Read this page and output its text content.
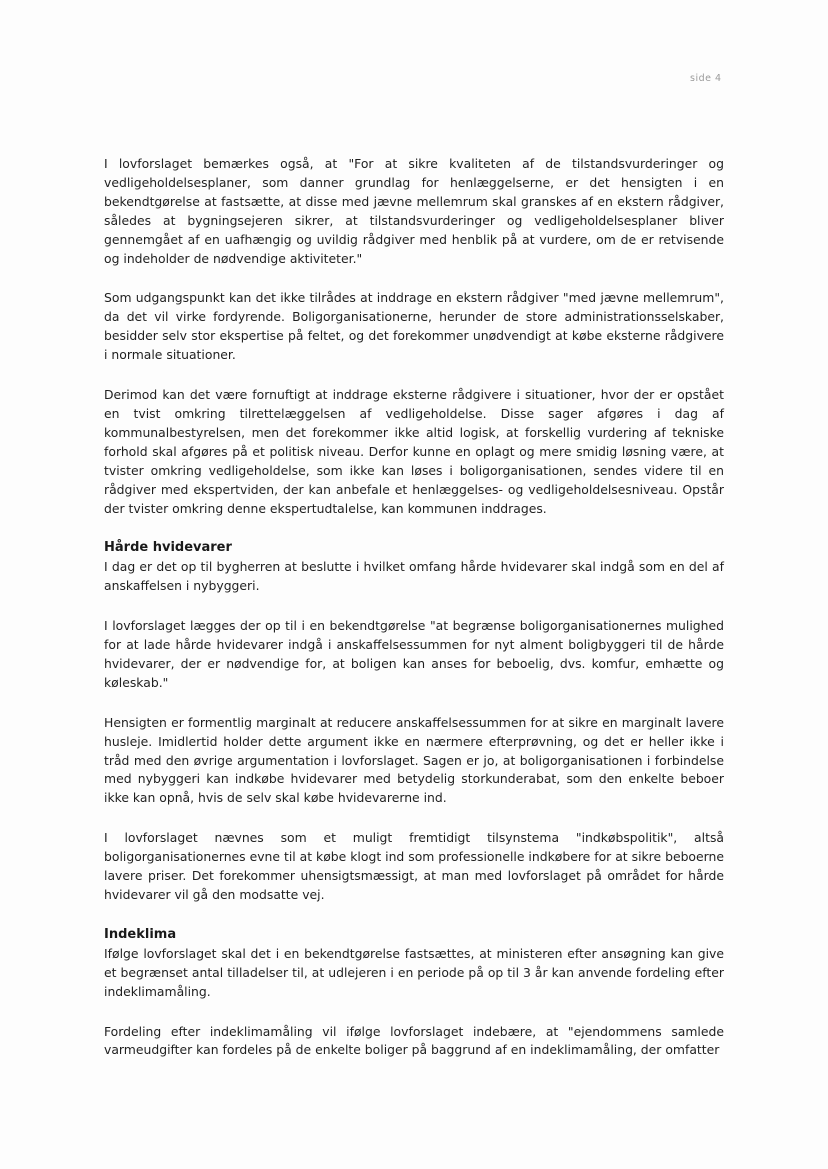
side 4

I lovforslaget bemærkes også, at "For at sikre kvaliteten af de tilstandsvurderinger og vedligeholdelsesplaner, som danner grundlag for henlæggelserne, er det hensigten i en bekendtgørelse at fastsætte, at disse med jævne mellemrum skal granskes af en ekstern rådgiver, således at bygningsejeren sikrer, at tilstandsvurderinger og vedligeholdelsesplaner bliver gennemgået af en uafhængig og uvildig rådgiver med henblik på at vurdere, om de er retvisende og indeholder de nødvendige aktiviteter."

Som udgangspunkt kan det ikke tilrådes at inddrage en ekstern rådgiver "med jævne mellemrum", da det vil virke fordyrende. Boligorganisationerne, herunder de store administrationsselskaber, besidder selv stor ekspertise på feltet, og det forekommer unødvendigt at købe eksterne rådgivere i normale situationer.

Derimod kan det være fornuftigt at inddrage eksterne rådgivere i situationer, hvor der er opstået en tvist omkring tilrettelæggelsen af vedligeholdelse. Disse sager afgøres i dag af kommunalbestyrelsen, men det forekommer ikke altid logisk, at forskellig vurdering af tekniske forhold skal afgøres på et politisk niveau. Derfor kunne en oplagt og mere smidig løsning være, at tvister omkring vedligeholdelse, som ikke kan løses i boligorganisationen, sendes videre til en rådgiver med ekspertviden, der kan anbefale et henlæggelses- og vedligeholdelsesniveau. Opstår der tvister omkring denne ekspertudtalelse, kan kommunen inddrages.

Hårde hvidevarer

I dag er det op til bygherren at beslutte i hvilket omfang hårde hvidevarer skal indgå som en del af anskaffelsen i nybyggeri.

I lovforslaget lægges der op til i en bekendtgørelse "at begrænse boligorganisationernes mulighed for at lade hårde hvidevarer indgå i anskaffelsessummen for nyt alment boligbyggeri til de hårde hvidevarer, der er nødvendige for, at boligen kan anses for beboelig, dvs. komfur, emhætte og køleskab."

Hensigten er formentlig marginalt at reducere anskaffelsessummen for at sikre en marginalt lavere husleje. Imidlertid holder dette argument ikke en nærmere efterprøvning, og det er heller ikke i tråd med den øvrige argumentation i lovforslaget. Sagen er jo, at boligorganisationen i forbindelse med nybyggeri kan indkøbe hvidevarer med betydelig storkunderabat, som den enkelte beboer ikke kan opnå, hvis de selv skal købe hvidevarerne ind.

I lovforslaget nævnes som et muligt fremtidigt tilsynstema "indkøbspolitik", altså boligorganisationernes evne til at købe klogt ind som professionelle indkøbere for at sikre beboerne lavere priser. Det forekommer uhensigtsmæssigt, at man med lovforslaget på området for hårde hvidevarer vil gå den modsatte vej.

Indeklima

Ifølge lovforslaget skal det i en bekendtgørelse fastsættes, at ministeren efter ansøgning kan give et begrænset antal tilladelser til, at udlejeren i en periode på op til 3 år kan anvende fordeling efter indeklimamåling.

Fordeling efter indeklimamåling vil ifølge lovforslaget indebære, at "ejendommens samlede varmeudgifter kan fordeles på de enkelte boliger på baggrund af en indeklimamåling, der omfatter
